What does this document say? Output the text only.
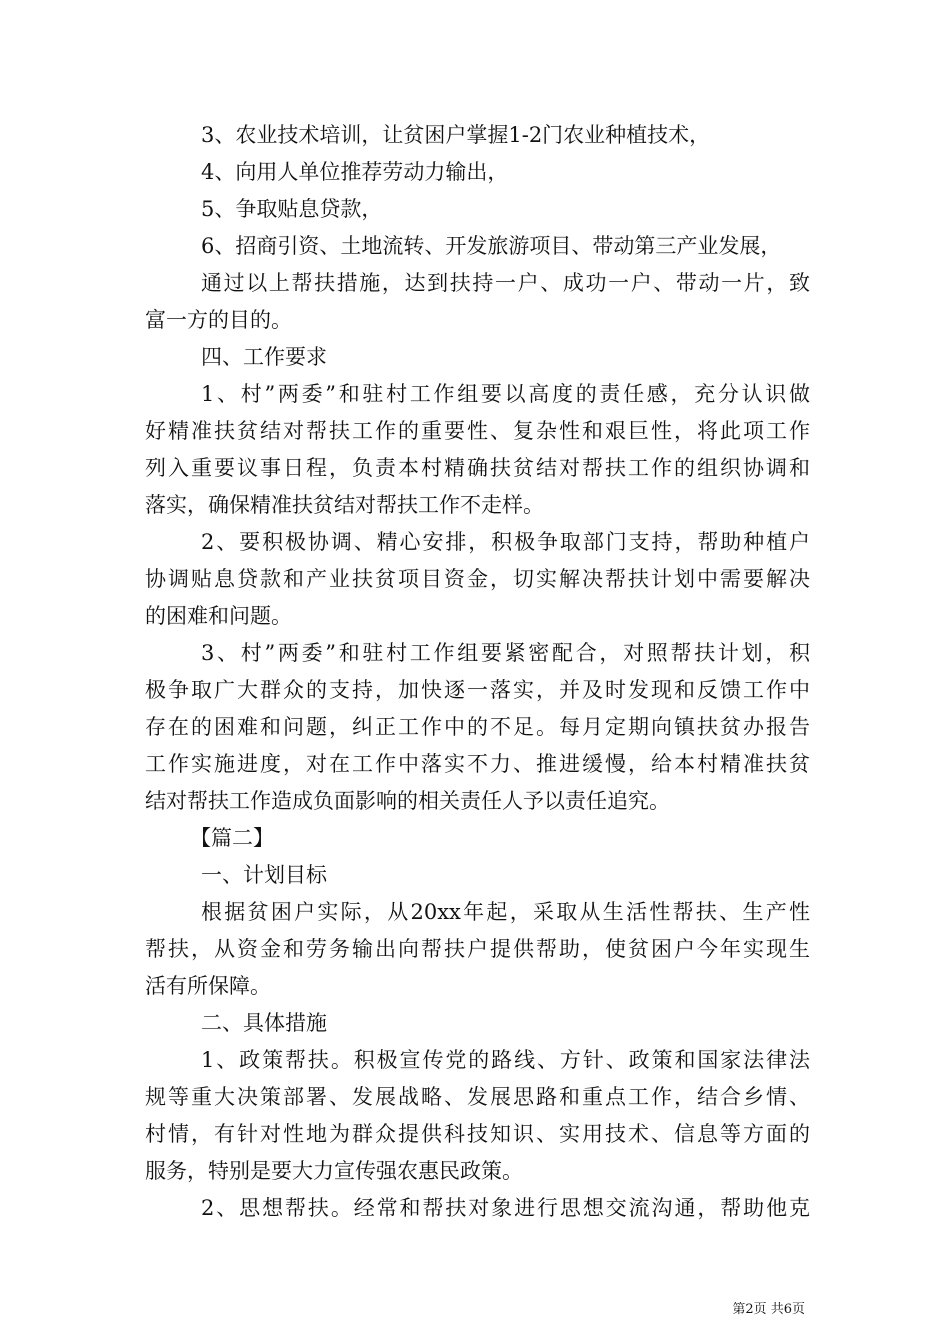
3、农业技术培训，让贫困户掌握1-2门农业种植技术，
4、向用人单位推荐劳动力输出，
5、争取贴息贷款，
6、招商引资、土地流转、开发旅游项目、带动第三产业发展，
通过以上帮扶措施，达到扶持一户、成功一户、带动一片，致
富一方的目的。
四、工作要求
1、村”两委”和驻村工作组要以高度的责任感，充分认识做
好精准扶贫结对帮扶工作的重要性、复杂性和艰巨性，将此项工作
列入重要议事日程，负责本村精确扶贫结对帮扶工作的组织协调和
落实，确保精准扶贫结对帮扶工作不走样。
2、要积极协调、精心安排，积极争取部门支持，帮助种植户
协调贴息贷款和产业扶贫项目资金，切实解决帮扶计划中需要解决
的困难和问题。
3、村”两委”和驻村工作组要紧密配合，对照帮扶计划，积
极争取广大群众的支持，加快逐一落实，并及时发现和反馈工作中
存在的困难和问题，纠正工作中的不足。每月定期向镇扶贫办报告
工作实施进度，对在工作中落实不力、推进缓慢，给本村精准扶贫
结对帮扶工作造成负面影响的相关责任人予以责任追究。
【篇二】
一、计划目标
根据贫困户实际，从20xx年起，采取从生活性帮扶、生产性
帮扶，从资金和劳务输出向帮扶户提供帮助，使贫困户今年实现生
活有所保障。
二、具体措施
1、政策帮扶。积极宣传党的路线、方针、政策和国家法律法
规等重大决策部署、发展战略、发展思路和重点工作，结合乡情、
村情，有针对性地为群众提供科技知识、实用技术、信息等方面的
服务，特别是要大力宣传强农惠民政策。
2、思想帮扶。经常和帮扶对象进行思想交流沟通，帮助他克
第2页 共6页
